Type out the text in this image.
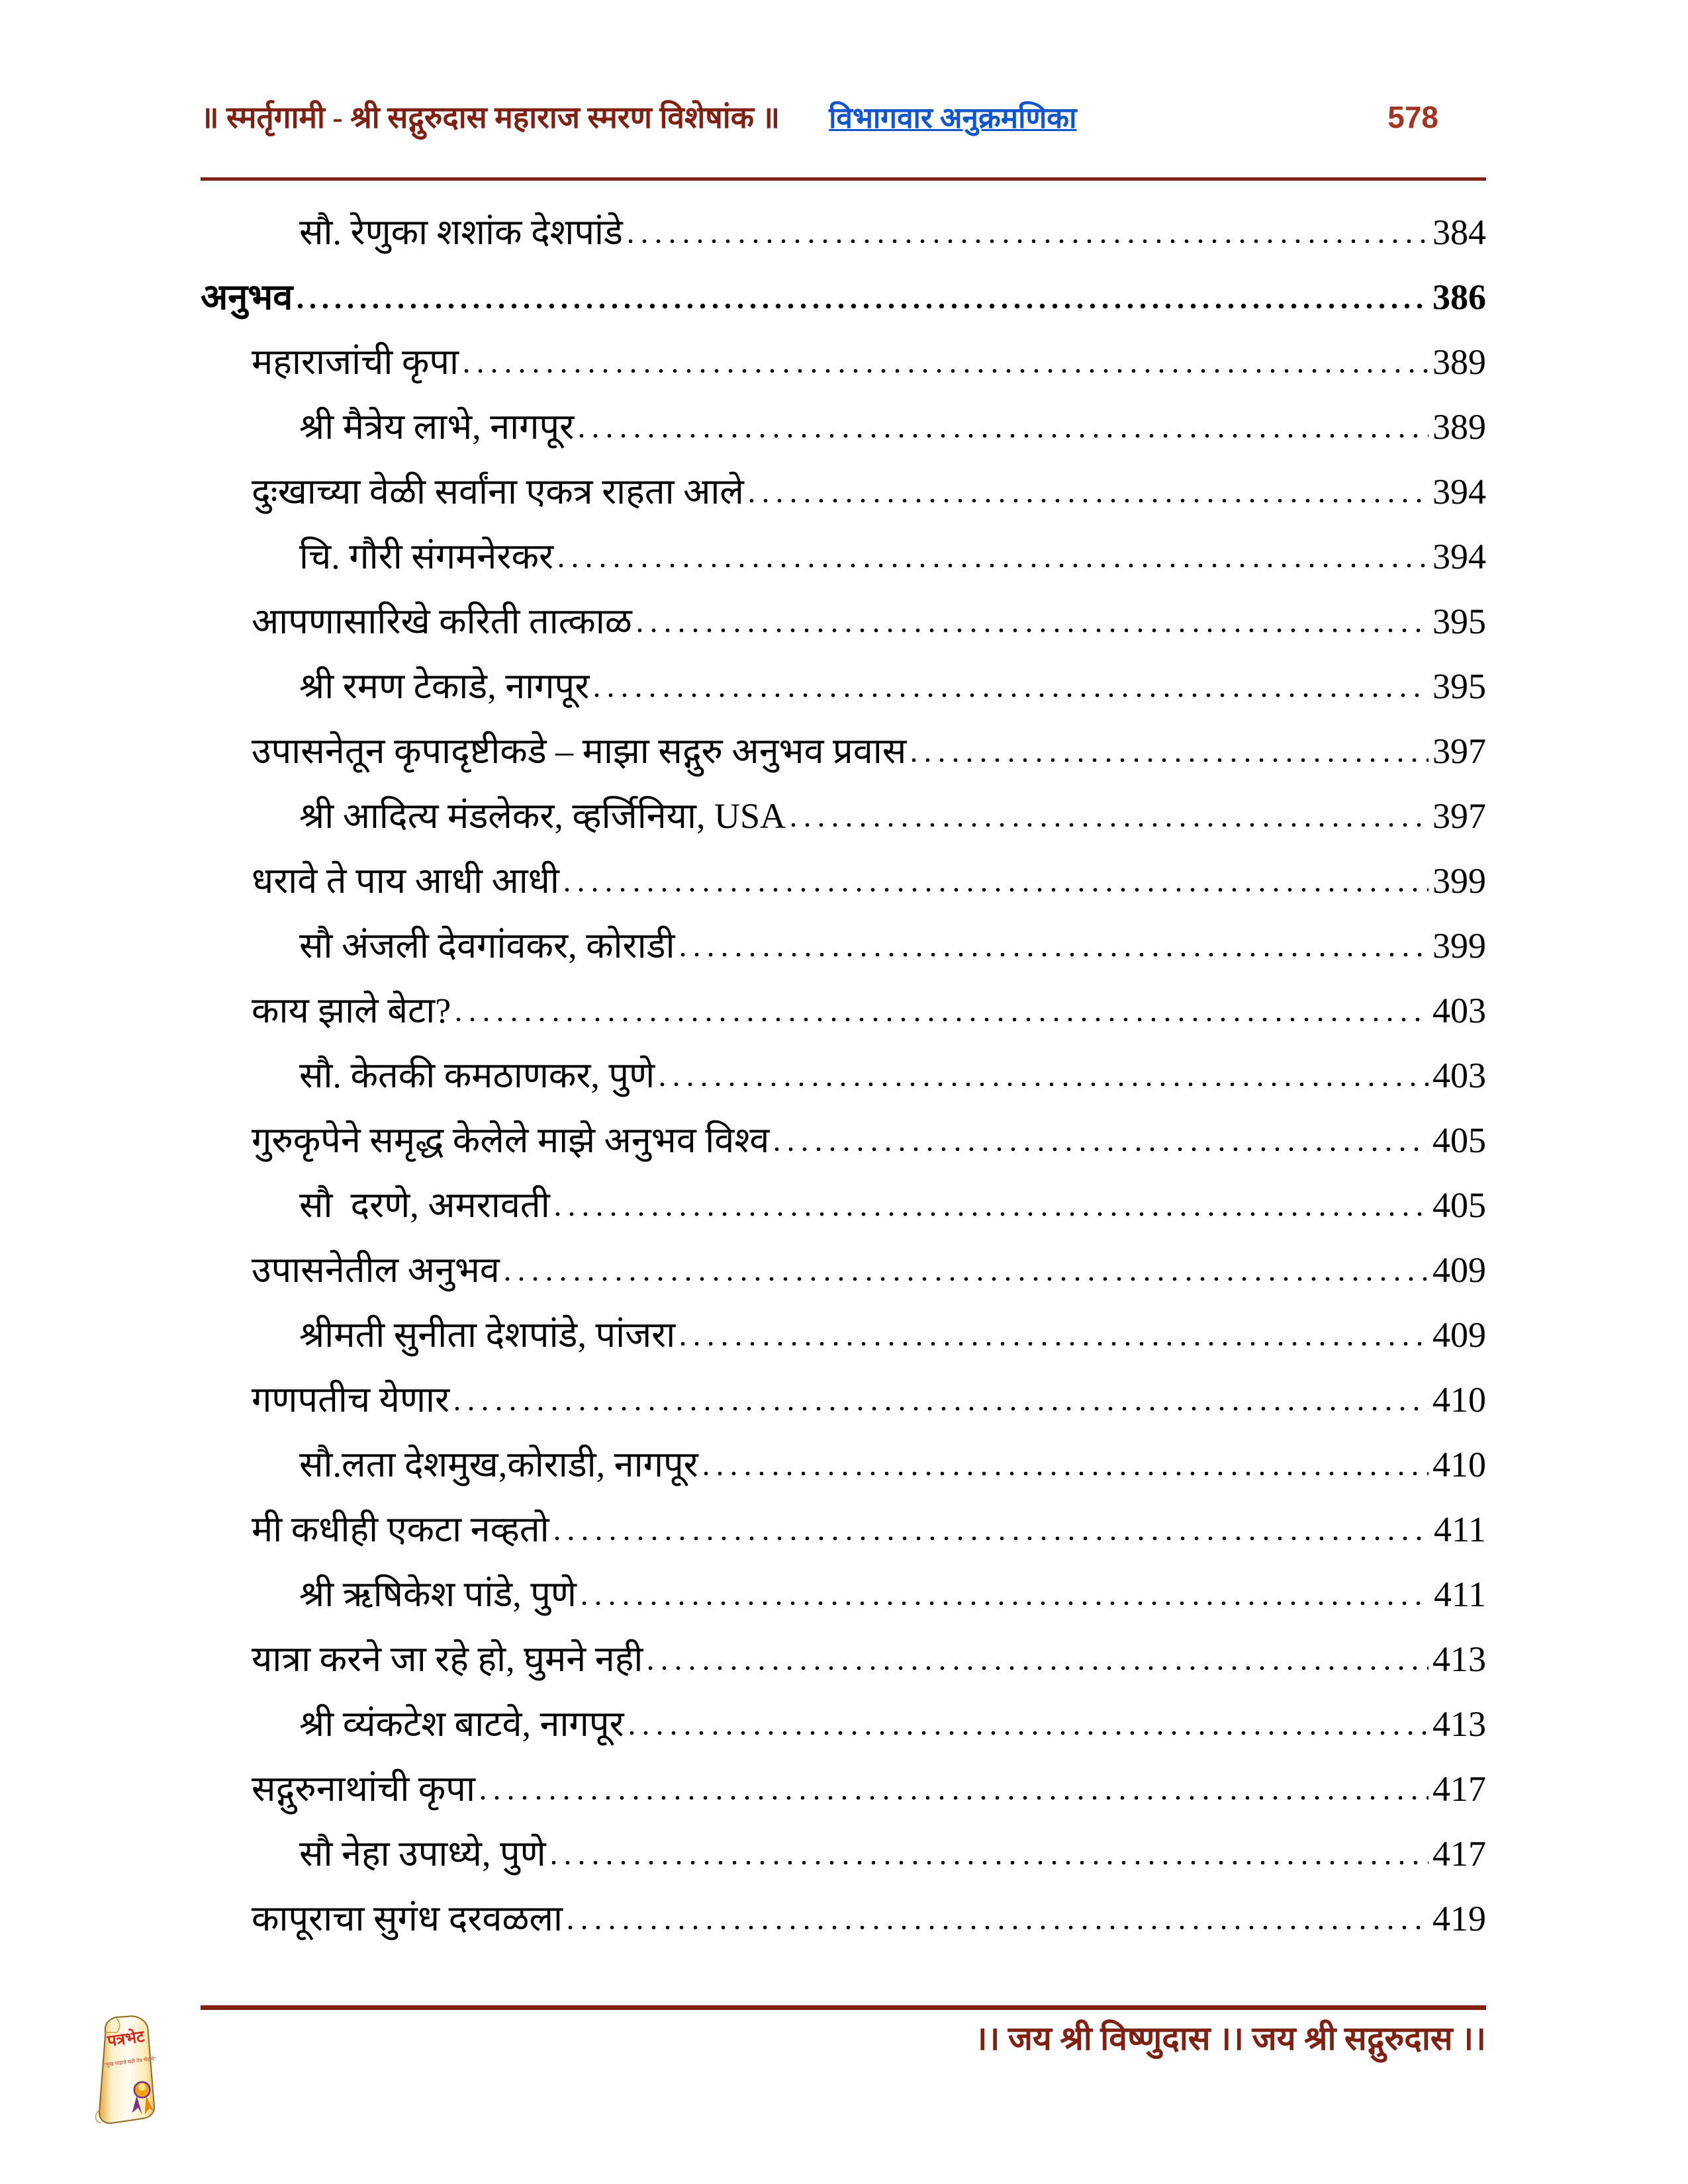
॥ स्मर्तृगामी - श्री सद्गुरुदास महाराज स्मरण विशेषांक ॥ विभागवार अनुक्रमणिका	578
सौ. रेणुका शशांक देशपांडे	384
अनुभव	386
महाराजांची कृपा	389
श्री मैत्रेय लाभे, नागपूर	389
दुःखाच्या वेळी सर्वांना एकत्र राहता आले	394
चि. गौरी संगमनेरकर	394
आपणासारिखे करिती तात्काळ	395
श्री रमण टेकाडे, नागपूर	395
उपासनेतून कृपादृष्टीकडे – माझा सद्गुरु अनुभव प्रवास	397
श्री आदित्य मंडलेकर, व्हर्जिनिया, USA	397
धरावे ते पाय आधी आधी	399
सौ अंजली देवगांवकर, कोराडी	399
काय झाले बेटा?	403
सौ. केतकी कमठाणकर, पुणे	403
गुरुकृपेने समृद्ध केलेले माझे अनुभव विश्व	405
सौ  दरणे, अमरावती	405
उपासनेतील अनुभव	409
श्रीमती सुनीता देशपांडे, पांजरा	409
गणपतीच येणार	410
सौ.लता देशमुख,कोराडी, नागपूर	410
मी कधीही एकटा नव्हतो	411
श्री ऋषिकेश पांडे, पुणे	411
यात्रा करने जा रहे हो, घुमने नही	413
श्री व्यंकटेश बाटवे, नागपूर	413
सद्गुरुनाथांची कृपा	417
सौ नेहा उपाध्ये, पुणे	417
कापूराचा सुगंध दरवळला	419
।। जय श्री विष्णुदास ।। जय श्री सद्गुरुदास ।।
पत्रभेट
“मुख पाहावे घडो नेत्र भेटावे”
